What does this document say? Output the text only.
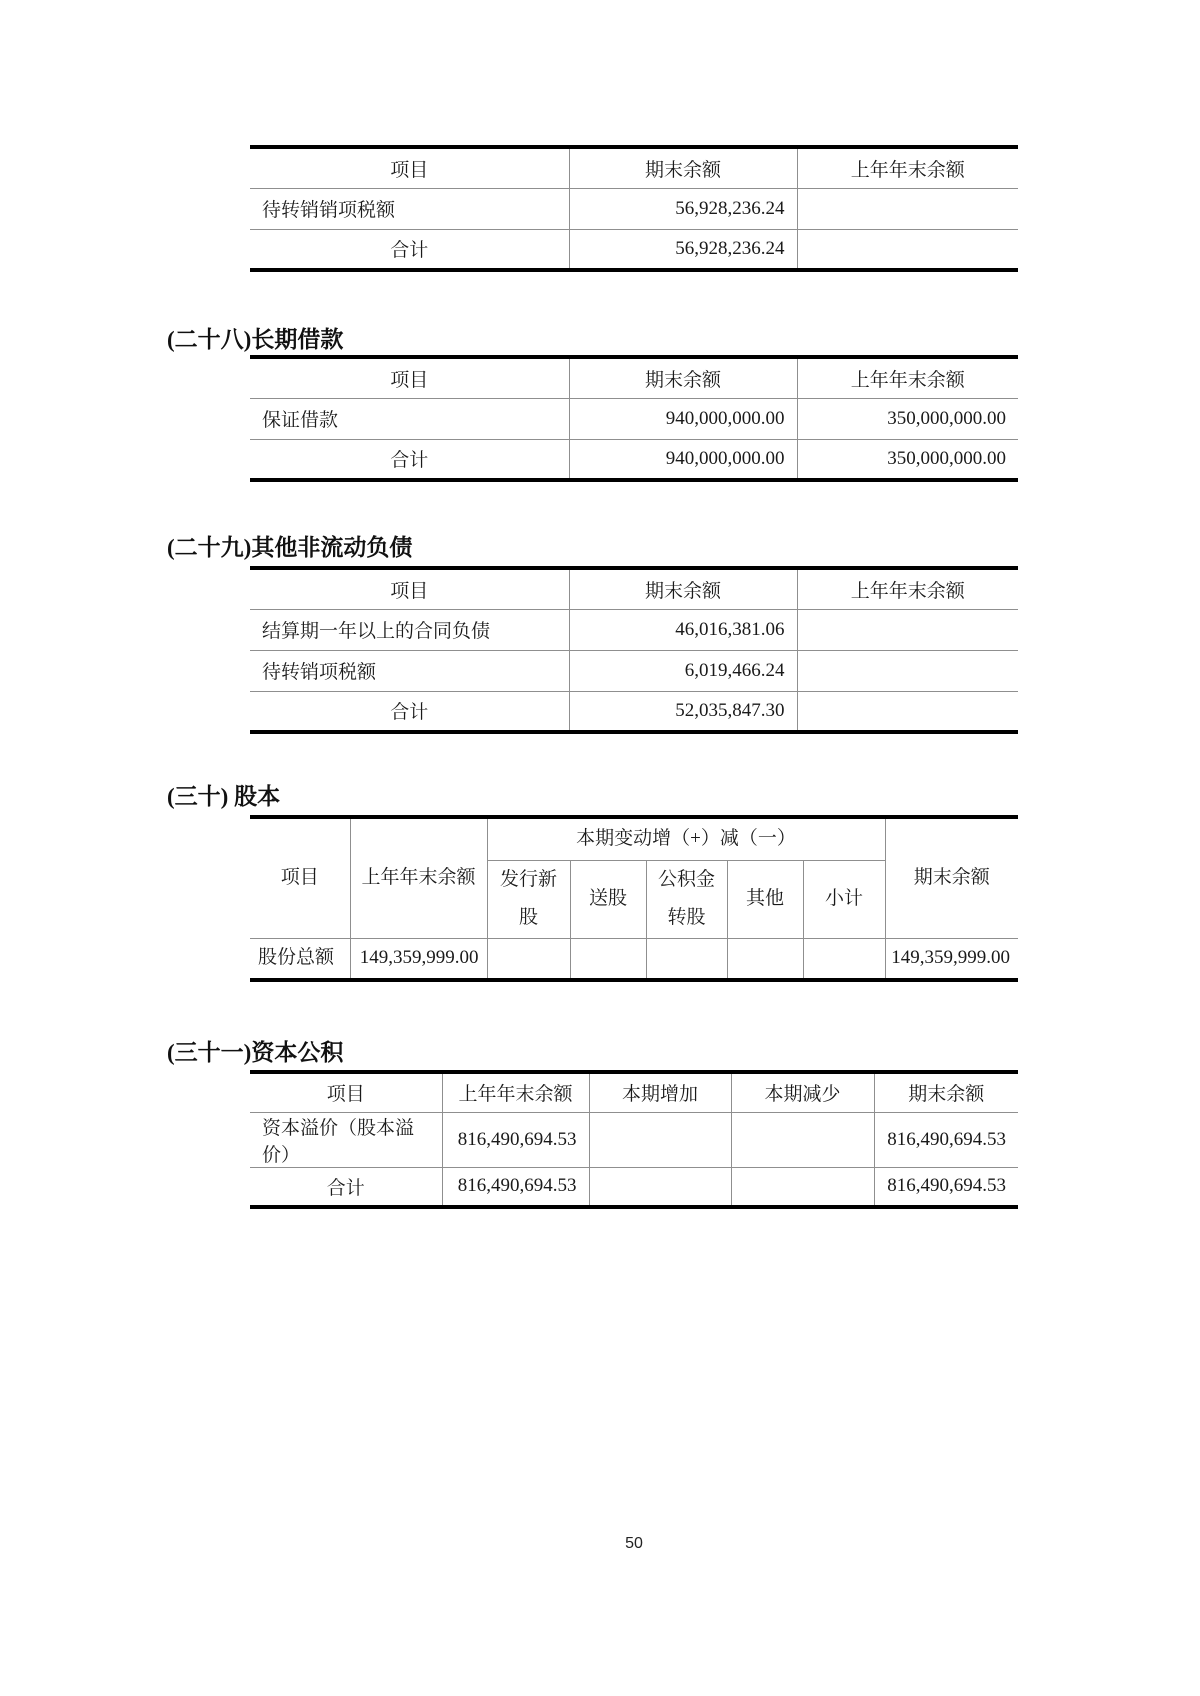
项目	期末余额	上年年末余额
待转销销项税额	56,928,236.24	
合计	56,928,236.24	
(二十八)长期借款
项目	期末余额	上年年末余额
保证借款	940,000,000.00	350,000,000.00
合计	940,000,000.00	350,000,000.00
(二十九)其他非流动负债
项目	期末余额	上年年末余额
结算期一年以上的合同负债	46,016,381.06	
待转销项税额	6,019,466.24	
合计	52,035,847.30	
(三十) 股本
项目	上年年末余额	本期变动增（+）减（一）					期末余额
		发行新股	送股	公积金转股	其他	小计	
股份总额	149,359,999.00						149,359,999.00
(三十一)资本公积
项目	上年年末余额	本期增加	本期减少	期末余额
资本溢价（股本溢价）	816,490,694.53			816,490,694.53
合计	816,490,694.53			816,490,694.53
50
